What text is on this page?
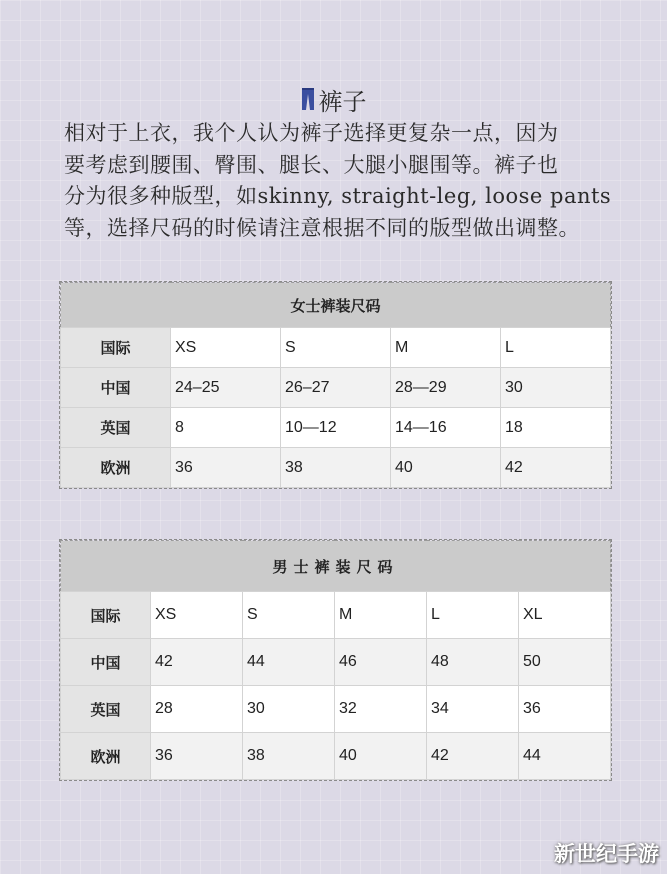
裤子

相对于上衣，我个人认为裤子选择更复杂一点，因为
要考虑到腰围、臀围、腿长、大腿小腿围等。裤子也
分为很多种版型，如skinny, straight-leg, loose pants
等，选择尺码的时候请注意根据不同的版型做出调整。

女士裤装尺码				
国际	XS	S	M	L
中国	24–25	26–27	28—29	30
英国	8	10—12	14—16	18
欧洲	36	38	40	42
男士裤装尺码					
国际	XS	S	M	L	XL
中国	42	44	46	48	50
英国	28	30	32	34	36
欧洲	36	38	40	42	44
新世纪手游
